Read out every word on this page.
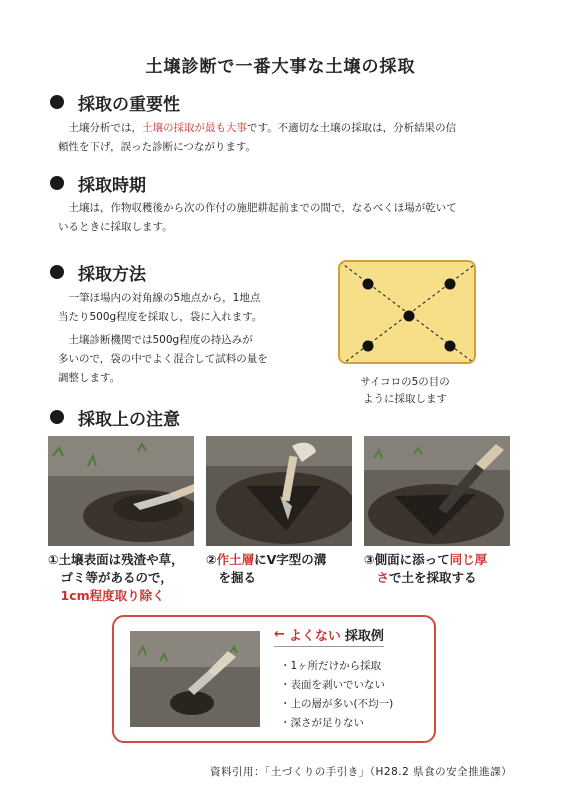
土壌診断で一番大事な土壌の採取
採取の重要性
土壌分析では，土壌の採取が最も大事です。不適切な土壌の採取は，分析結果の信
頼性を下げ，誤った診断につながります。
採取時期
土壌は，作物収穫後から次の作付の施肥耕起前までの間で，なるべくほ場が乾いて
いるときに採取します。
採取方法
一筆ほ場内の対角線の5地点から，1地点
当たり500g程度を採取し，袋に入れます。
土壌診断機関では500g程度の持込みが
多いので，袋の中でよく混合して試料の量を
調整します。	サイコロの5の目の
ように採取します
採取上の注意
①土壌表面は残渣や草，
ゴミ等があるので，
1cm程度取り除く
②作土層にV字型の溝
を掘る
③側面に添って同じ厚
さで土を採取する
← よくない 採取例
・ 1ヶ所だけから採取
・ 表面を剥いでいない
・ 上の層が多い(不均一)
・ 深さが足りない
資料引用：「土づくりの手引き」（H28.2 県食の安全推進課）
